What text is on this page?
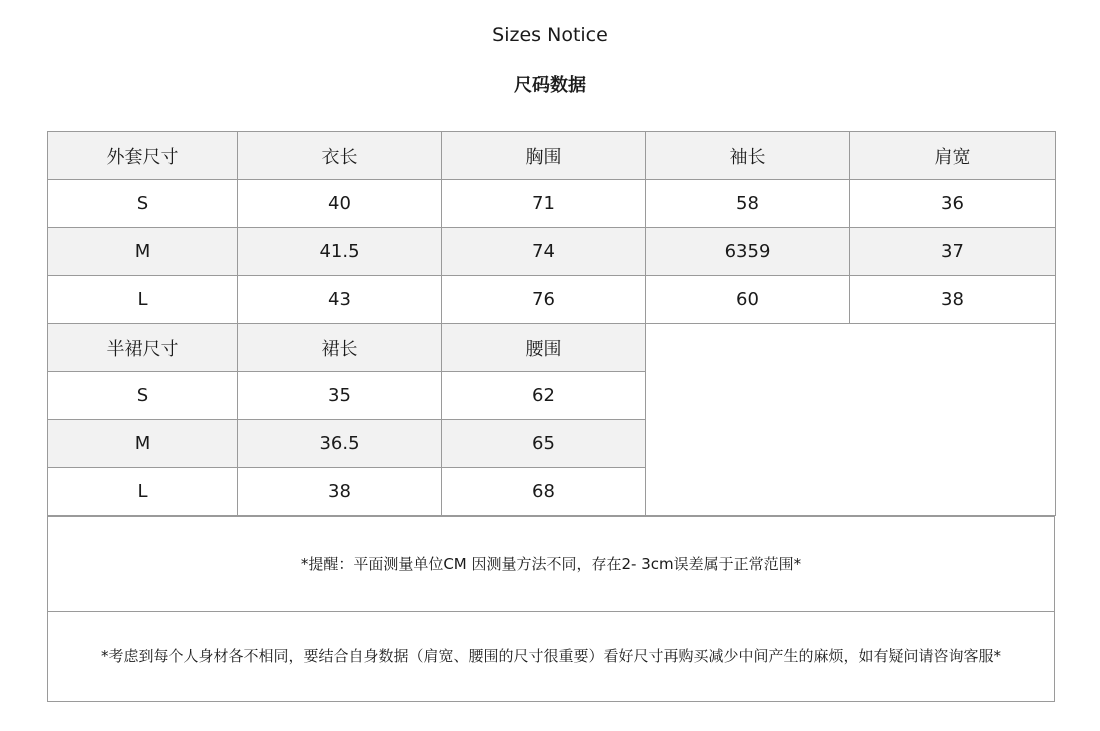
Sizes Notice
尺码数据
外套尺寸	衣长	胸围	袖长	肩宽
S	40	71	58	36
M	41.5	74	6359	37
L	43	76	60	38
半裙尺寸	裙长	腰围		
S	35	62		
M	36.5	65		
L	38	68		
*提醒：平面测量单位CM 因测量方法不同，存在2- 3cm误差属于正常范围*
*考虑到每个人身材各不相同，要结合自身数据（肩宽、腰围的尺寸很重要）看好尺寸再购买减少中间产生的麻烦，如有疑问请咨询客服*
